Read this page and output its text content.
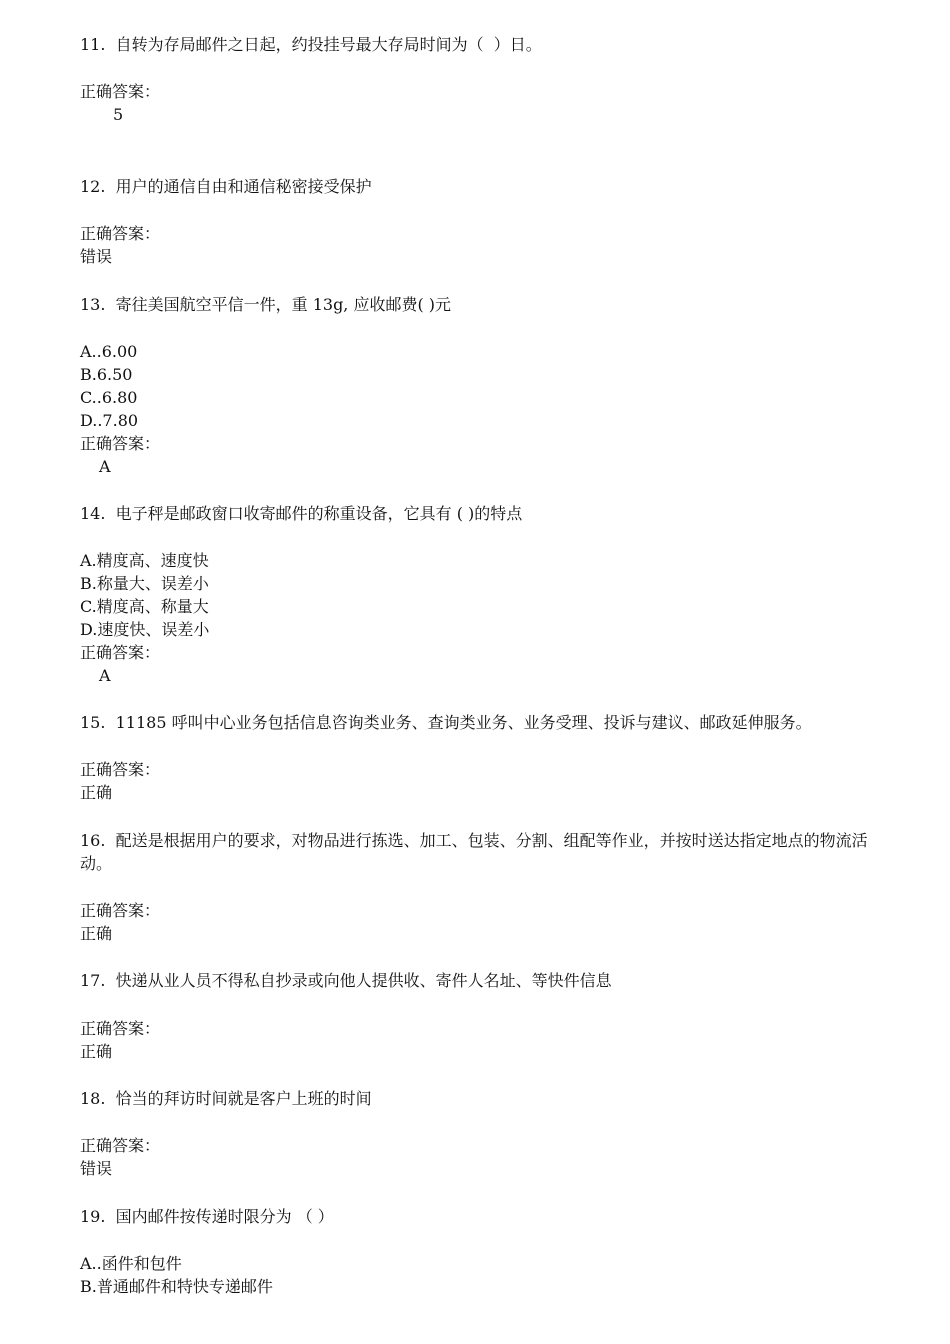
11.  自转为存局邮件之日起，约投挂号最大存局时间为（  ）日。
正确答案：
5
12.  用户的通信自由和通信秘密接受保护
正确答案：
错误
13.  寄往美国航空平信一件，重 13g, 应收邮费( )元
A..6.00
B.6.50
C..6.80
D..7.80
正确答案：
A
14.  电子秤是邮政窗口收寄邮件的称重设备，它具有 ( )的特点
A.精度高、速度快
B.称量大、误差小
C.精度高、称量大
D.速度快、误差小
正确答案：
A
15.  11185 呼叫中心业务包括信息咨询类业务、查询类业务、业务受理、投诉与建议、邮政延伸服务。
正确答案：
正确
16.  配送是根据用户的要求，对物品进行拣选、加工、包装、分割、组配等作业，并按时送达指定地点的物流活动。
正确答案：
正确
17.  快递从业人员不得私自抄录或向他人提供收、寄件人名址、等快件信息
正确答案：
正确
18.  恰当的拜访时间就是客户上班的时间
正确答案：
错误
19.  国内邮件按传递时限分为 （ ）
A..函件和包件
B.普通邮件和特快专递邮件
